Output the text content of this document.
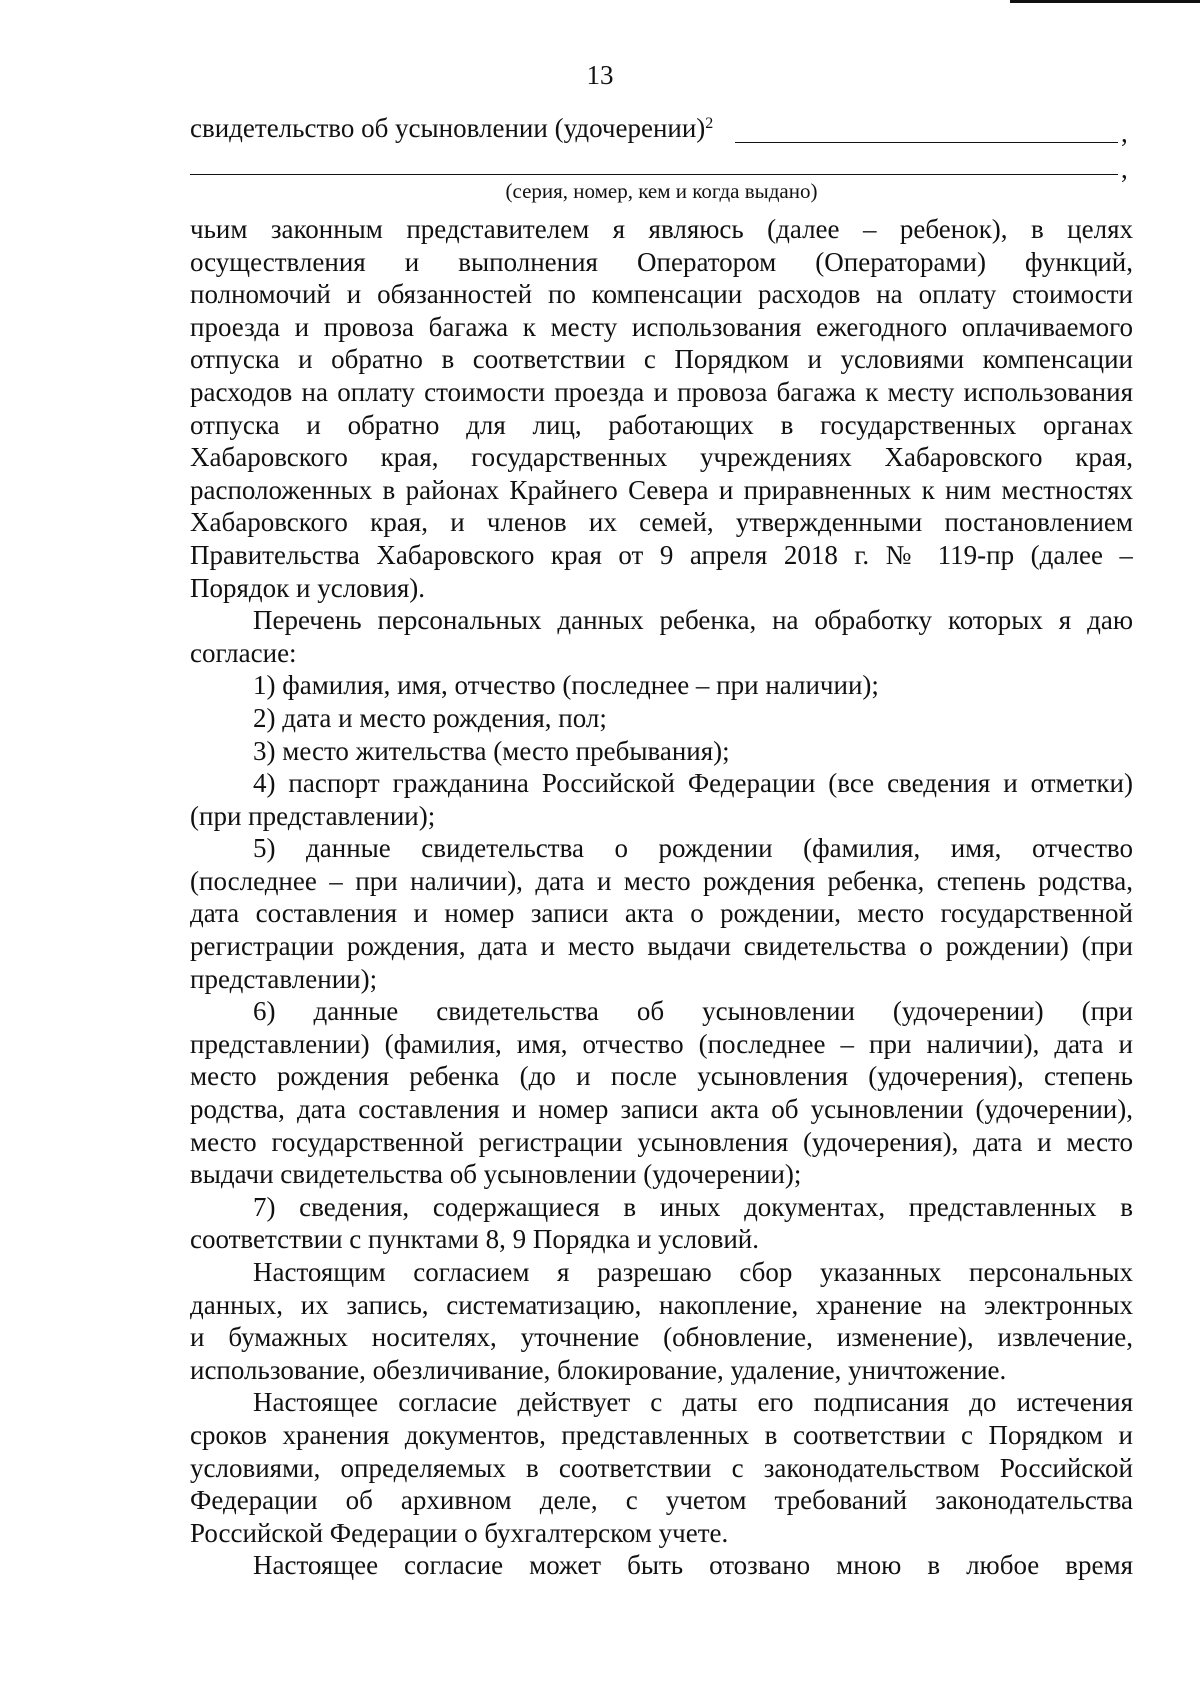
13
свидетельство об усыновлении (удочерении)$^2$	,
,
(серия, номер, кем и когда выдано)
чьим законным представителем я являюсь (далее – ребенок), в целях
осуществления и выполнения Оператором (Операторами) функций,
полномочий и обязанностей по компенсации расходов на оплату стоимости
проезда и провоза багажа к месту использования ежегодного оплачиваемого
отпуска и обратно в соответствии с Порядком и условиями компенсации
расходов на оплату стоимости проезда и провоза багажа к месту использования
отпуска и обратно для лиц, работающих в государственных органах
Хабаровского края, государственных учреждениях Хабаровского края,
расположенных в районах Крайнего Севера и приравненных к ним местностях
Хабаровского края, и членов их семей, утвержденными постановлением
Правительства Хабаровского края от 9 апреля 2018 г. № 119-пр (далее –
Порядок и условия).
Перечень персональных данных ребенка, на обработку которых я даю
согласие:
1) фамилия, имя, отчество (последнее – при наличии);
2) дата и место рождения, пол;
3) место жительства (место пребывания);
4) паспорт гражданина Российской Федерации (все сведения и отметки)
(при представлении);
5) данные свидетельства о рождении (фамилия, имя, отчество
(последнее – при наличии), дата и место рождения ребенка, степень родства,
дата составления и номер записи акта о рождении, место государственной
регистрации рождения, дата и место выдачи свидетельства о рождении) (при
представлении);
6) данные свидетельства об усыновлении (удочерении) (при
представлении) (фамилия, имя, отчество (последнее – при наличии), дата и
место рождения ребенка (до и после усыновления (удочерения), степень
родства, дата составления и номер записи акта об усыновлении (удочерении),
место государственной регистрации усыновления (удочерения), дата и место
выдачи свидетельства об усыновлении (удочерении);
7) сведения, содержащиеся в иных документах, представленных в
соответствии с пунктами 8, 9 Порядка и условий.
Настоящим согласием я разрешаю сбор указанных персональных
данных, их запись, систематизацию, накопление, хранение на электронных
и бумажных носителях, уточнение (обновление, изменение), извлечение,
использование, обезличивание, блокирование, удаление, уничтожение.
Настоящее согласие действует с даты его подписания до истечения
сроков хранения документов, представленных в соответствии с Порядком и
условиями, определяемых в соответствии с законодательством Российской
Федерации об архивном деле, с учетом требований законодательства
Российской Федерации о бухгалтерском учете.
Настоящее согласие может быть отозвано мною в любое время
